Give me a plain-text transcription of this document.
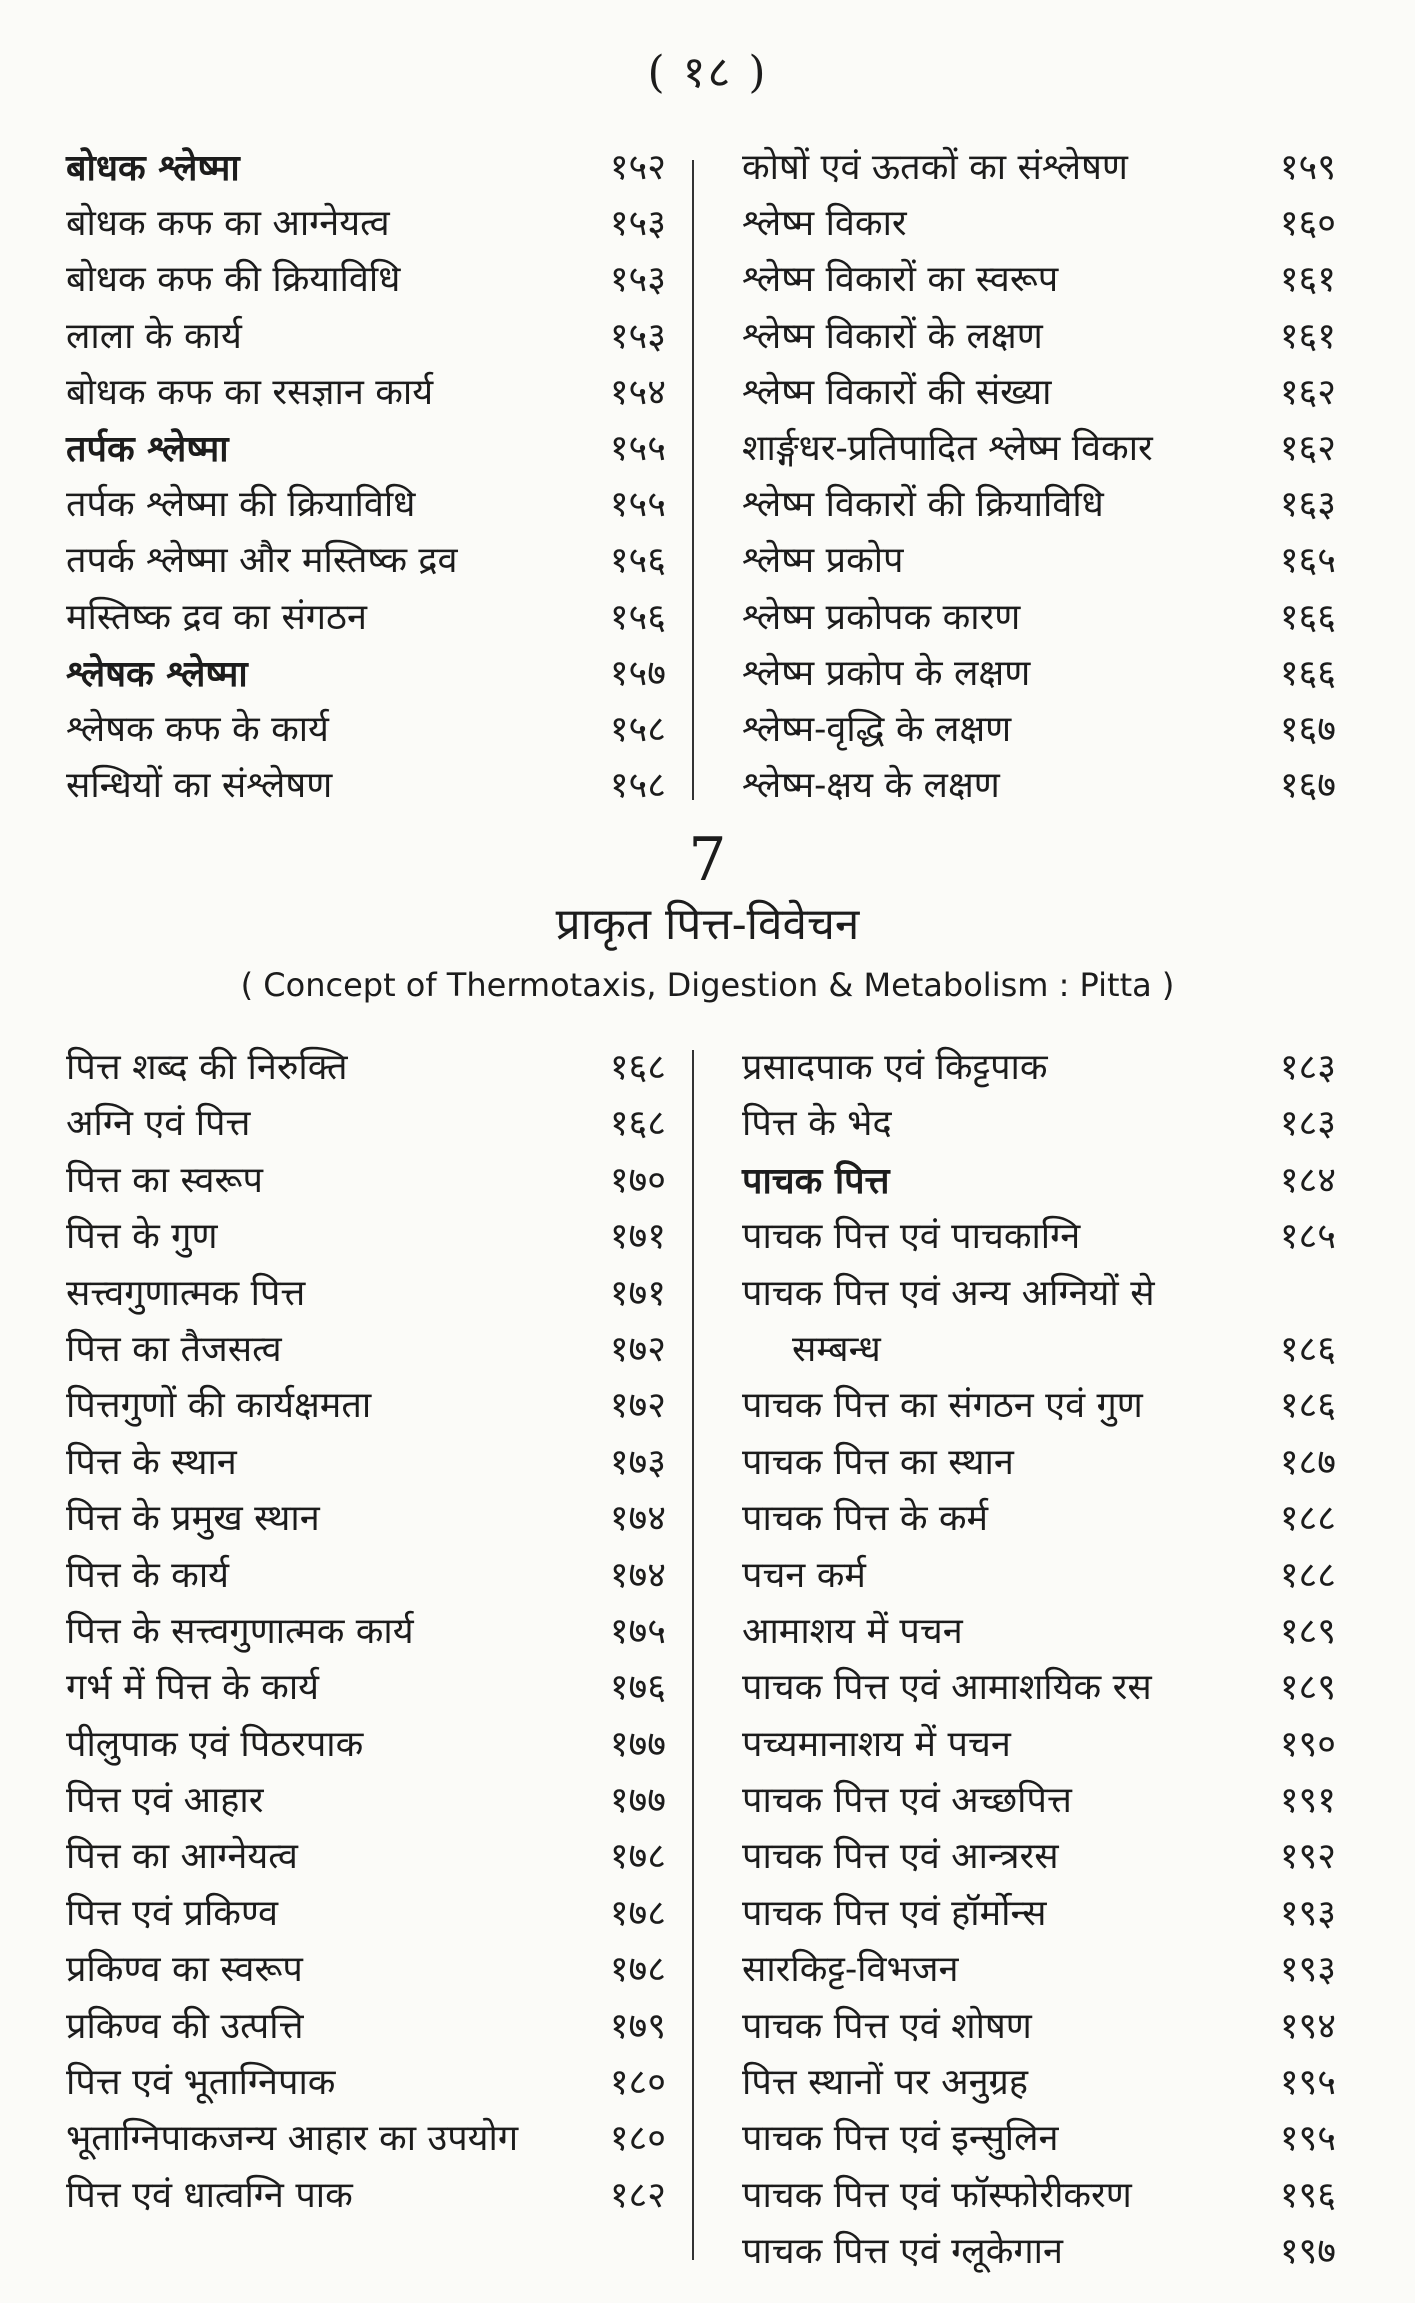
( १८ )
बोधक श्लेष्मा	१५२
बोधक कफ का आग्नेयत्व	१५३
बोधक कफ की क्रियाविधि	१५३
लाला के कार्य	१५३
बोधक कफ का रसज्ञान कार्य	१५४
तर्पक श्लेष्मा	१५५
तर्पक श्लेष्मा की क्रियाविधि	१५५
तपर्क श्लेष्मा और मस्तिष्क द्रव	१५६
मस्तिष्क द्रव का संगठन	१५६
श्लेषक श्लेष्मा	१५७
श्लेषक कफ के कार्य	१५८
सन्धियों का संश्लेषण	१५८
कोषों एवं ऊतकों का संश्लेषण	१५९
श्लेष्म विकार	१६०
श्लेष्म विकारों का स्वरूप	१६१
श्लेष्म विकारों के लक्षण	१६१
श्लेष्म विकारों की संख्या	१६२
शार्ङ्गधर-प्रतिपादित श्लेष्म विकार	१६२
श्लेष्म विकारों की क्रियाविधि	१६३
श्लेष्म प्रकोप	१६५
श्लेष्म प्रकोपक कारण	१६६
श्लेष्म प्रकोप के लक्षण	१६६
श्लेष्म-वृद्धि के लक्षण	१६७
श्लेष्म-क्षय के लक्षण	१६७
7
प्राकृत पित्त-विवेचन
( Concept of Thermotaxis, Digestion & Metabolism : Pitta )
पित्त शब्द की निरुक्ति	१६८
अग्नि एवं पित्त	१६८
पित्त का स्वरूप	१७०
पित्त के गुण	१७१
सत्त्वगुणात्मक पित्त	१७१
पित्त का तैजसत्व	१७२
पित्तगुणों की कार्यक्षमता	१७२
पित्त के स्थान	१७३
पित्त के प्रमुख स्थान	१७४
पित्त के कार्य	१७४
पित्त के सत्त्वगुणात्मक कार्य	१७५
गर्भ में पित्त के कार्य	१७६
पीलुपाक एवं पिठरपाक	१७७
पित्त एवं आहार	१७७
पित्त का आग्नेयत्व	१७८
पित्त एवं प्रकिण्व	१७८
प्रकिण्व का स्वरूप	१७८
प्रकिण्व की उत्पत्ति	१७९
पित्त एवं भूताग्निपाक	१८०
भूताग्निपाकजन्य आहार का उपयोग	१८०
पित्त एवं धात्वग्नि पाक	१८२
प्रसादपाक एवं किट्टपाक	१८३
पित्त के भेद	१८३
पाचक पित्त	१८४
पाचक पित्त एवं पाचकाग्नि	१८५
पाचक पित्त एवं अन्य अग्नियों से
सम्बन्ध	१८६
पाचक पित्त का संगठन एवं गुण	१८६
पाचक पित्त का स्थान	१८७
पाचक पित्त के कर्म	१८८
पचन कर्म	१८८
आमाशय में पचन	१८९
पाचक पित्त एवं आमाशयिक रस	१८९
पच्यमानाशय में पचन	१९०
पाचक पित्त एवं अच्छपित्त	१९१
पाचक पित्त एवं आन्त्ररस	१९२
पाचक पित्त एवं हॉर्मोन्स	१९३
सारकिट्ट-विभजन	१९३
पाचक पित्त एवं शोषण	१९४
पित्त स्थानों पर अनुग्रह	१९५
पाचक पित्त एवं इन्सुलिन	१९५
पाचक पित्त एवं फॉस्फोरीकरण	१९६
पाचक पित्त एवं ग्लूकेगान	१९७
